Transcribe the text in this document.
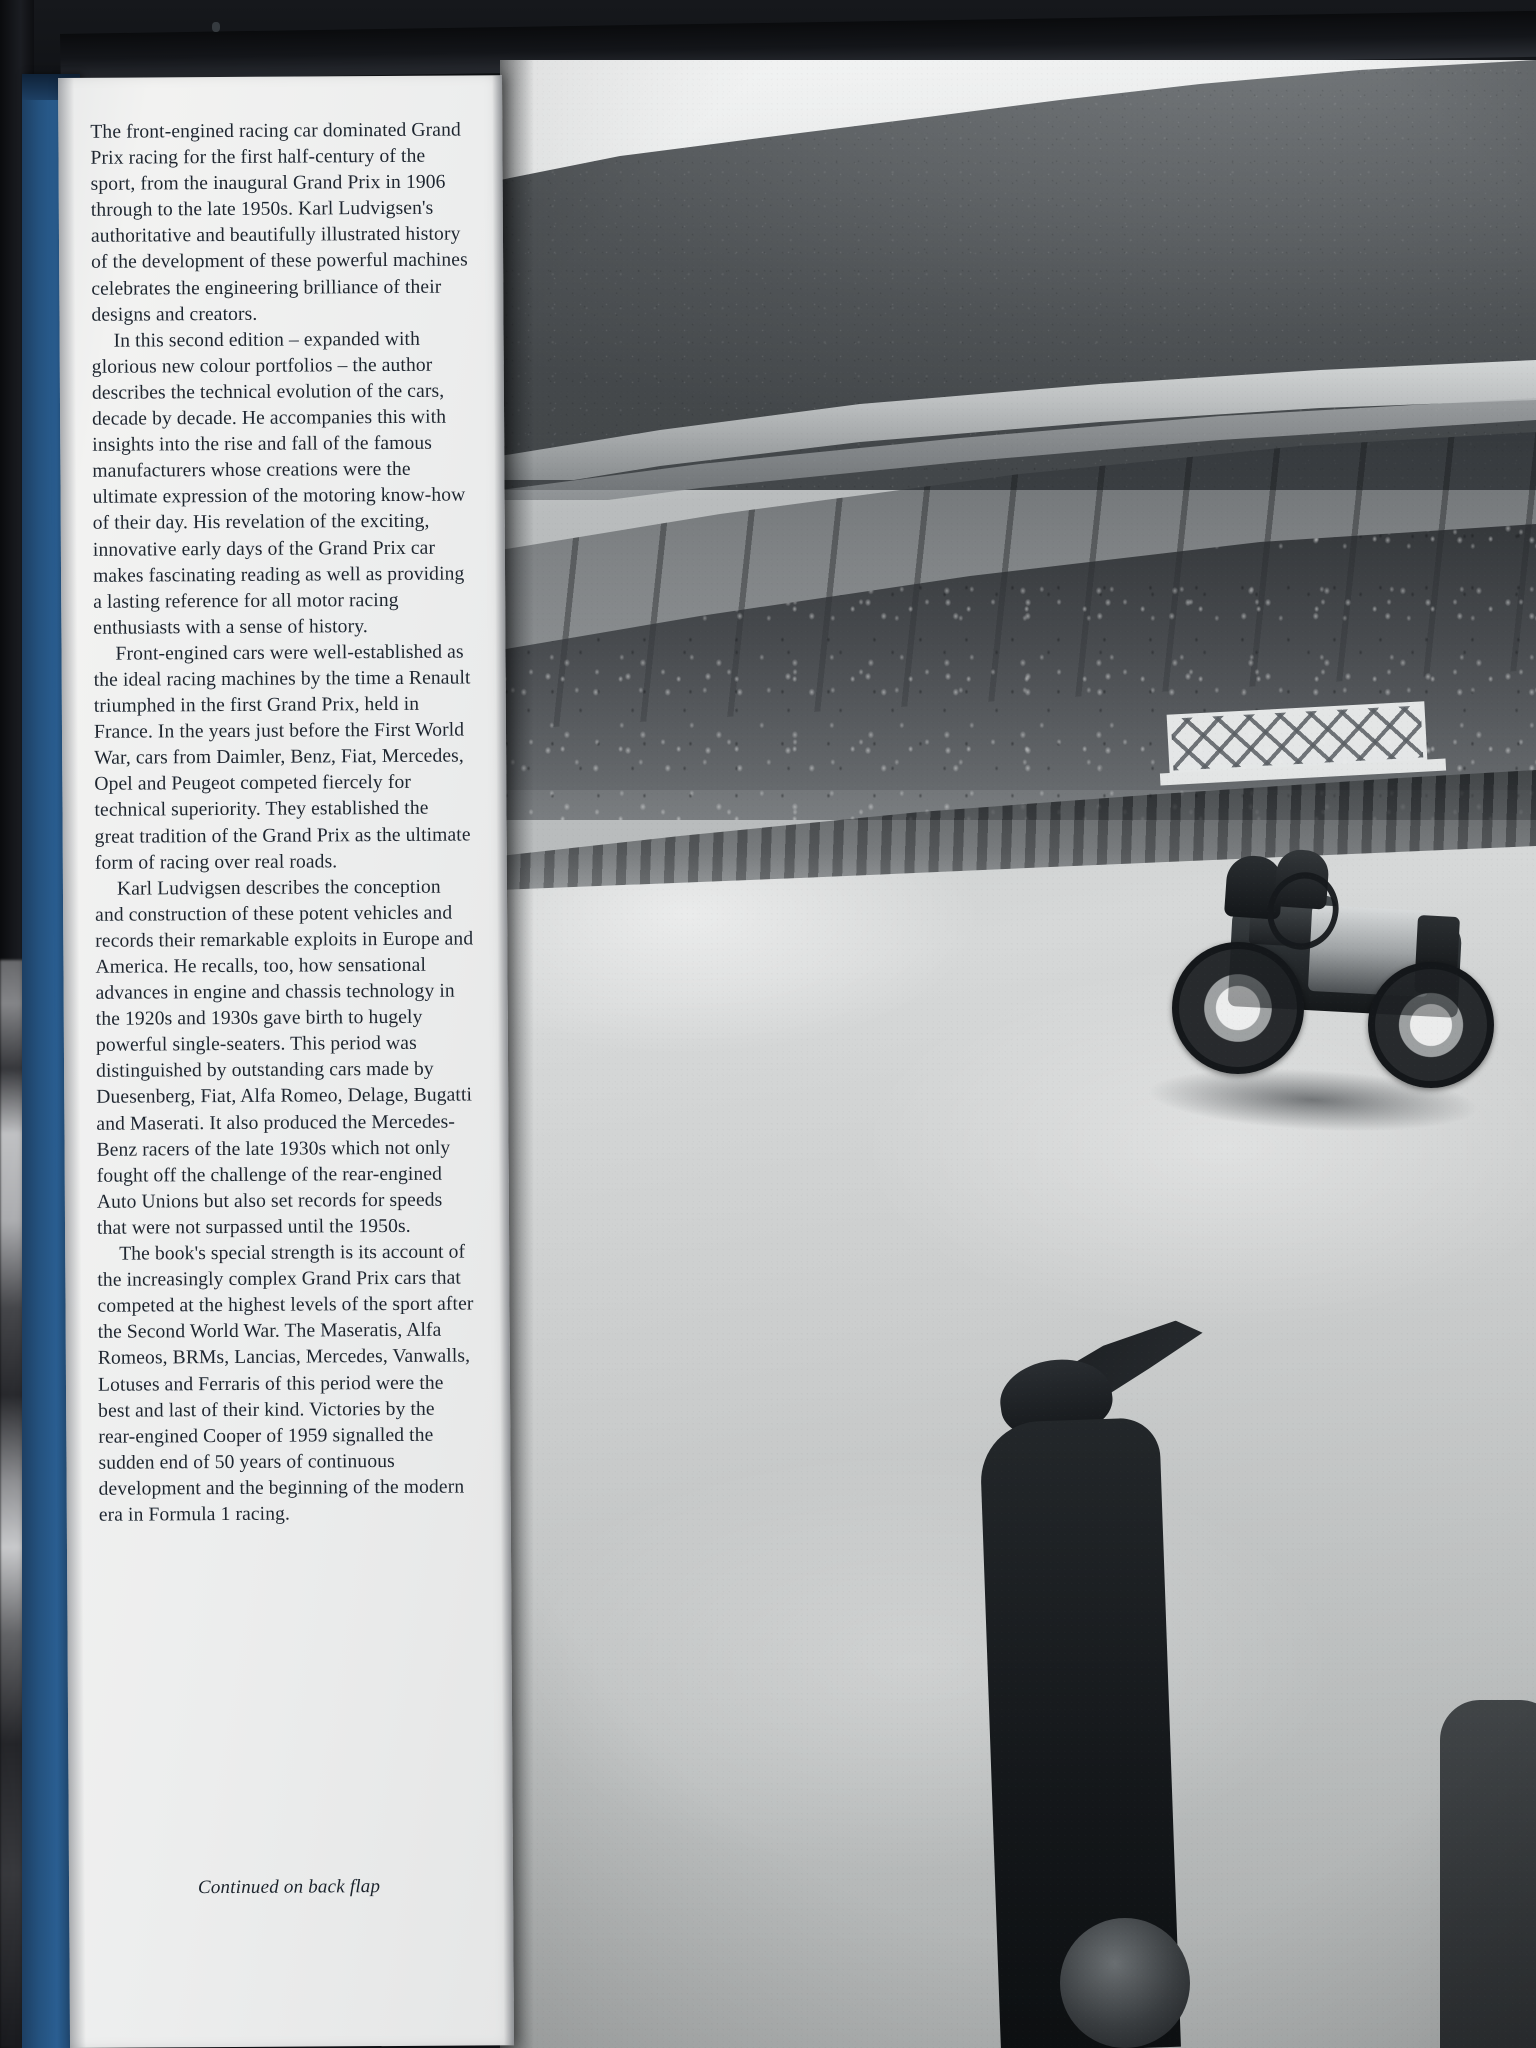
The front-engined racing car dominated Grand Prix racing for the first half-century of the sport, from the inaugural Grand Prix in 1906 through to the late 1950s. Karl Ludvigsen's authoritative and beautifully illustrated history of the development of these powerful machines celebrates the engineering brilliance of their designs and creators.

In this second edition – expanded with glorious new colour portfolios – the author describes the technical evolution of the cars, decade by decade. He accompanies this with insights into the rise and fall of the famous manufacturers whose creations were the ultimate expression of the motoring know-how of their day. His revelation of the exciting, innovative early days of the Grand Prix car makes fascinating reading as well as providing a lasting reference for all motor racing enthusiasts with a sense of history.

Front-engined cars were well-established as the ideal racing machines by the time a Renault triumphed in the first Grand Prix, held in France. In the years just before the First World War, cars from Daimler, Benz, Fiat, Mercedes, Opel and Peugeot competed fiercely for technical superiority. They established the great tradition of the Grand Prix as the ultimate form of racing over real roads.

Karl Ludvigsen describes the conception and construction of these potent vehicles and records their remarkable exploits in Europe and America. He recalls, too, how sensational advances in engine and chassis technology in the 1920s and 1930s gave birth to hugely powerful single-seaters. This period was distinguished by outstanding cars made by Duesenberg, Fiat, Alfa Romeo, Delage, Bugatti and Maserati. It also produced the Mercedes-Benz racers of the late 1930s which not only fought off the challenge of the rear-engined Auto Unions but also set records for speeds that were not surpassed until the 1950s.

The book's special strength is its account of the increasingly complex Grand Prix cars that competed at the highest levels of the sport after the Second World War. The Maseratis, Alfa Romeos, BRMs, Lancias, Mercedes, Vanwalls, Lotuses and Ferraris of this period were the best and last of their kind. Victories by the rear-engined Cooper of 1959 signalled the sudden end of 50 years of continuous development and the beginning of the modern era in Formula 1 racing.

Continued on back flap
